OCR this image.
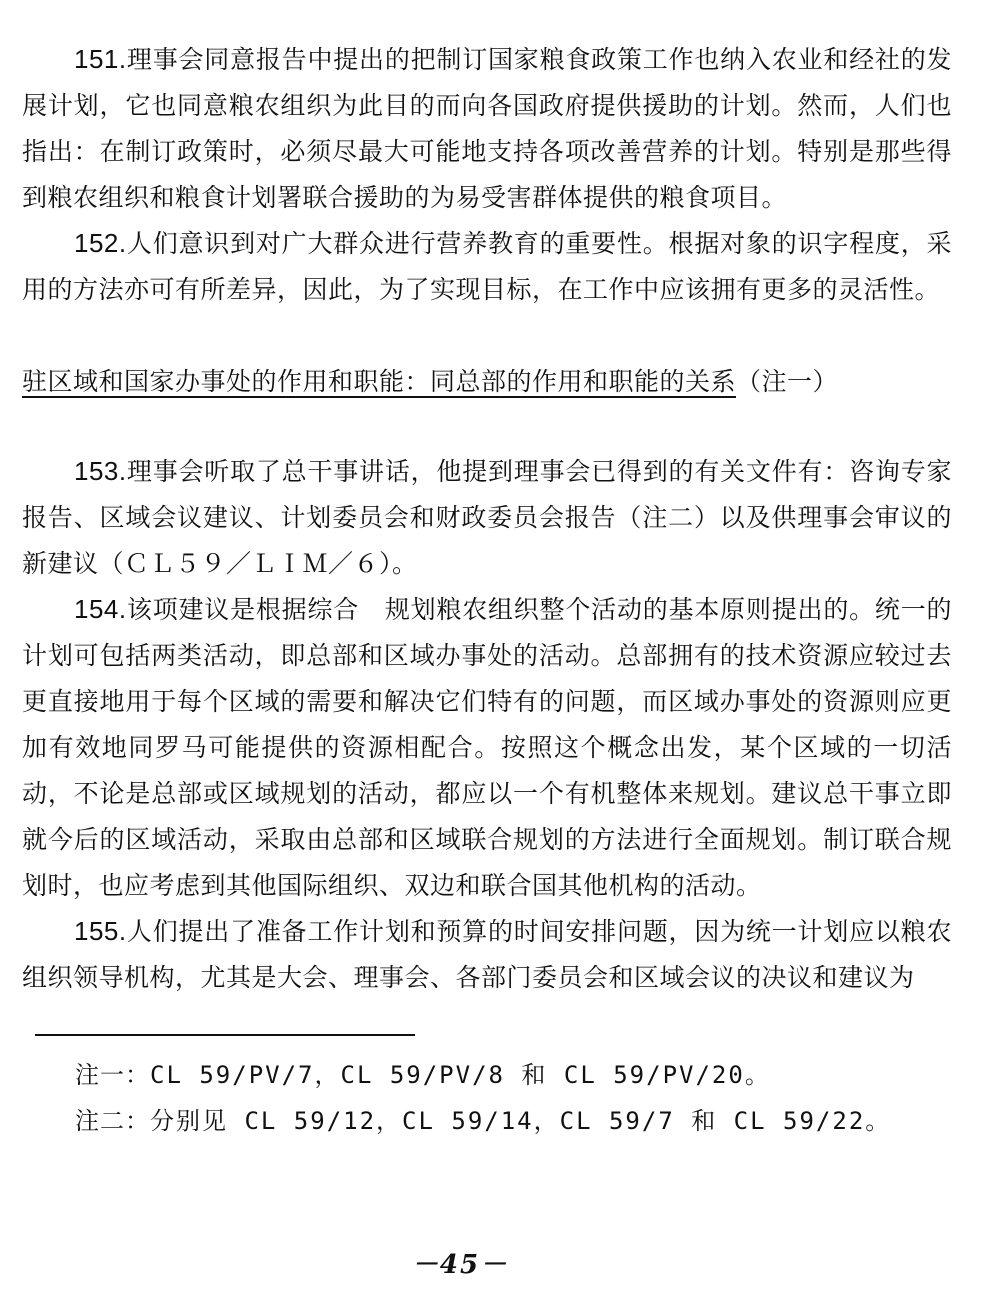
151.理事会同意报告中提出的把制订国家粮食政策工作也纳入农业和经社的发展计划，它也同意粮农组织为此目的而向各国政府提供援助的计划。然而，人们也指出：在制订政策时，必须尽最大可能地支持各项改善营养的计划。特别是那些得到粮农组织和粮食计划署联合援助的为易受害群体提供的粮食项目。

152.人们意识到对广大群众进行营养教育的重要性。根据对象的识字程度，采用的方法亦可有所差异，因此，为了实现目标，在工作中应该拥有更多的灵活性。

驻区域和国家办事处的作用和职能：同总部的作用和职能的关系（注一）

153.理事会听取了总干事讲话，他提到理事会已得到的有关文件有：咨询专家报告、区域会议建议、计划委员会和财政委员会报告（注二）以及供理事会审议的新建议（ＣＬ５９／ＬＩＭ／６）。

154.该项建议是根据综合　规划粮农组织整个活动的基本原则提出的。统一的计划可包括两类活动，即总部和区域办事处的活动。总部拥有的技术资源应较过去更直接地用于每个区域的需要和解决它们特有的问题，而区域办事处的资源则应更加有效地同罗马可能提供的资源相配合。按照这个概念出发，某个区域的一切活动，不论是总部或区域规划的活动，都应以一个有机整体来规划。建议总干事立即就今后的区域活动，采取由总部和区域联合规划的方法进行全面规划。制订联合规划时，也应考虑到其他国际组织、双边和联合国其他机构的活动。

155.人们提出了准备工作计划和预算的时间安排问题，因为统一计划应以粮农组织领导机构，尤其是大会、理事会、各部门委员会和区域会议的决议和建议为

注一：CL 59/PV/7，CL 59/PV/8 和 CL 59/PV/20。

注二：分别见 CL 59/12，CL 59/14，CL 59/7 和 CL 59/22。

－45－
